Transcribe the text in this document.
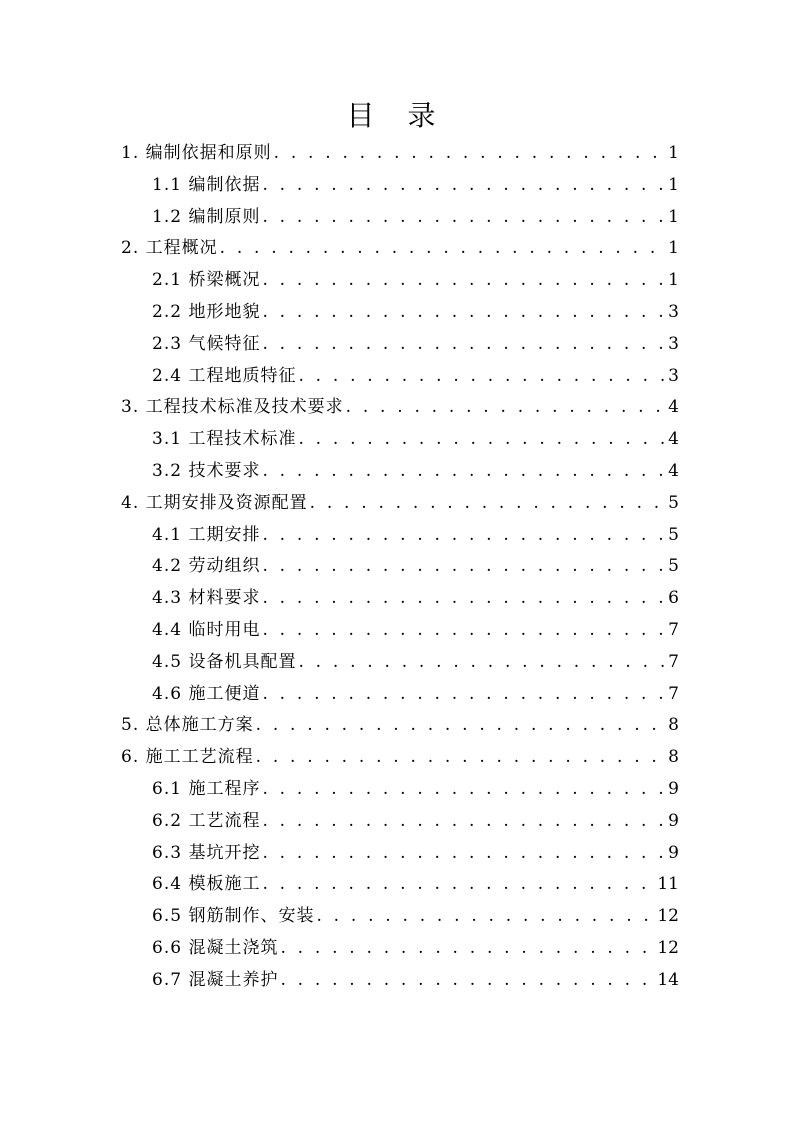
目 录
1. 编制依据和原则 . . .	1
1.1 编制依据 . . .	1
1.2 编制原则 . . .	1
2. 工程概况 . . .	1
2.1 桥梁概况 . . .	1
2.2 地形地貌 . . .	3
2.3 气候特征 . . .	3
2.4 工程地质特征 . . .	3
3. 工程技术标准及技术要求 . . .	4
3.1 工程技术标准 . . .	4
3.2 技术要求 . . .	4
4. 工期安排及资源配置 . . .	5
4.1 工期安排 . . .	5
4.2 劳动组织 . . .	5
4.3 材料要求 . . .	6
4.4 临时用电 . . .	7
4.5 设备机具配置 . . .	7
4.6 施工便道 . . .	7
5. 总体施工方案 . . .	8
6. 施工工艺流程 . . .	8
6.1 施工程序 . . .	9
6.2 工艺流程 . . .	9
6.3 基坑开挖 . . .	9
6.4 模板施工 . . .	11
6.5 钢筋制作、安装 . . .	12
6.6 混凝土浇筑 . . .	12
6.7 混凝土养护 . . .	14
